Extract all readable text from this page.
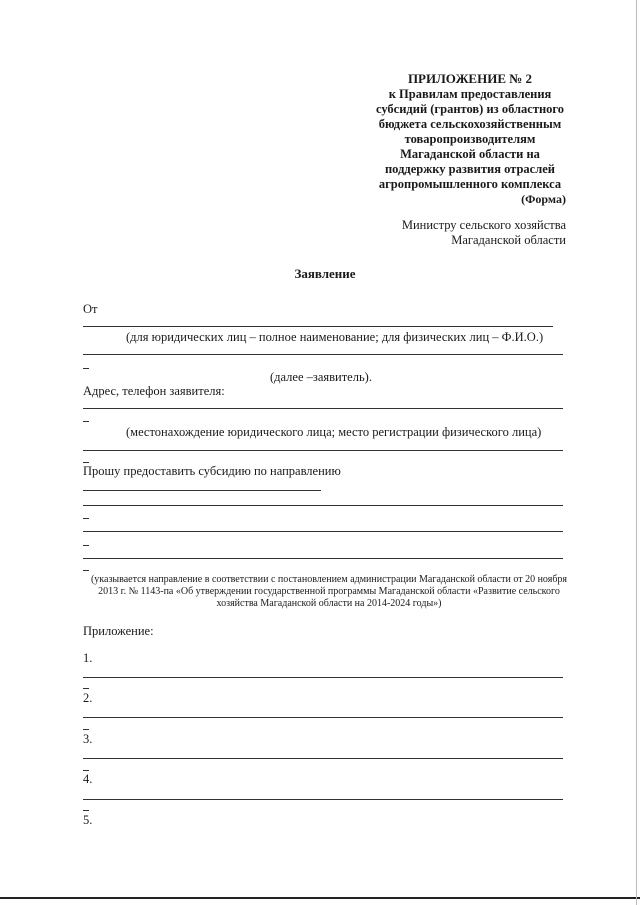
ПРИЛОЖЕНИЕ № 2
к Правилам предоставления
субсидий (грантов) из областного
бюджета сельскохозяйственным
товаропроизводителям
Магаданской области на
поддержку развития отраслей
агропромышленного комплекса
(Форма)
Министру сельского хозяйства
Магаданской области
Заявление
От
(для юридических лиц – полное наименование; для физических лиц – Ф.И.О.)
(далее –заявитель).
Адрес, телефон заявителя:
(местонахождение юридического лица; место регистрации физического лица)
Прошу предоставить субсидию по направлению
(указывается направление в соответствии с постановлением администрации Магаданской области от 20 ноября 2013 г. № 1143-па «Об утверждении государственной программы Магаданской области «Развитие сельского хозяйства Магаданской области на 2014-2024 годы»)
Приложение:
1.
2.
3.
4.
5.
